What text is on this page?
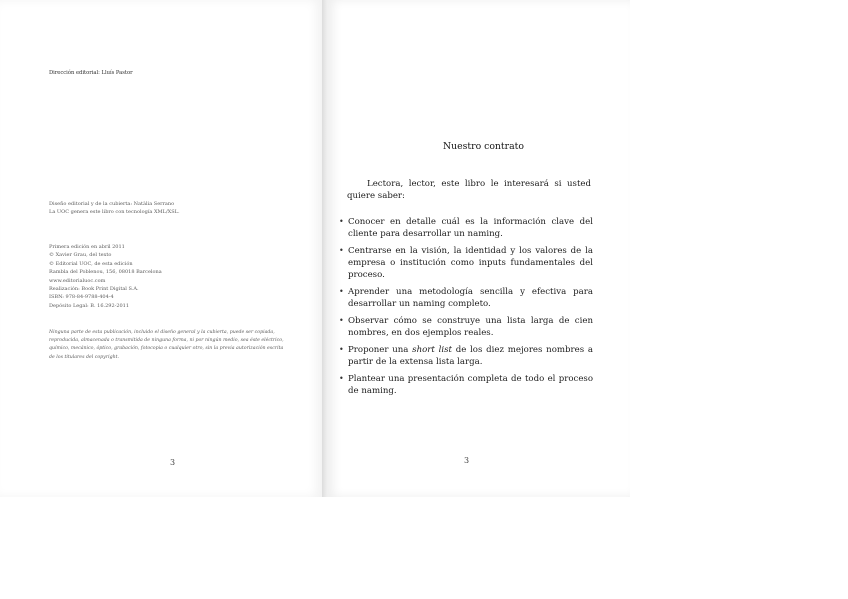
Dirección editorial: Lluís Pastor
Diseño editorial y de la cubierta: Natàlia Serrano
La UOC genera este libro con tecnología XML/XSL.
Primera edición en abril 2011
© Xavier Grau, del texto
© Editorial UOC, de esta edición
Rambla del Poblenou, 156, 08018 Barcelona
www.editorialuoc.com
Realización: Book Print Digital S.A.
ISBN: 978-84-9788-404-4
Depósito Legal: B. 16.292-2011
Ninguna parte de esta publicación, incluido el diseño general y la cubierta, puede ser copiada, reproducida, almacenada o transmitida de ninguna forma, ni por ningún medio, sea éste eléctrico, químico, mecánico, óptico, grabación, fotocopia o cualquier otro, sin la previa autorización escrita de los titulares del copyright.
3
Nuestro contrato
Lectora, lector, este libro le interesará si usted quiere saber:
• Conocer en detalle cuál es la información clave del cliente para desarrollar un naming.
• Centrarse en la visión, la identidad y los valores de la empresa o institución como inputs fundamentales del proceso.
• Aprender una metodología sencilla y efectiva para desarrollar un naming completo.
• Observar cómo se construye una lista larga de cien nombres, en dos ejemplos reales.
• Proponer una short list de los diez mejores nombres a partir de la extensa lista larga.
• Plantear una presentación completa de todo el proceso de naming.
3
